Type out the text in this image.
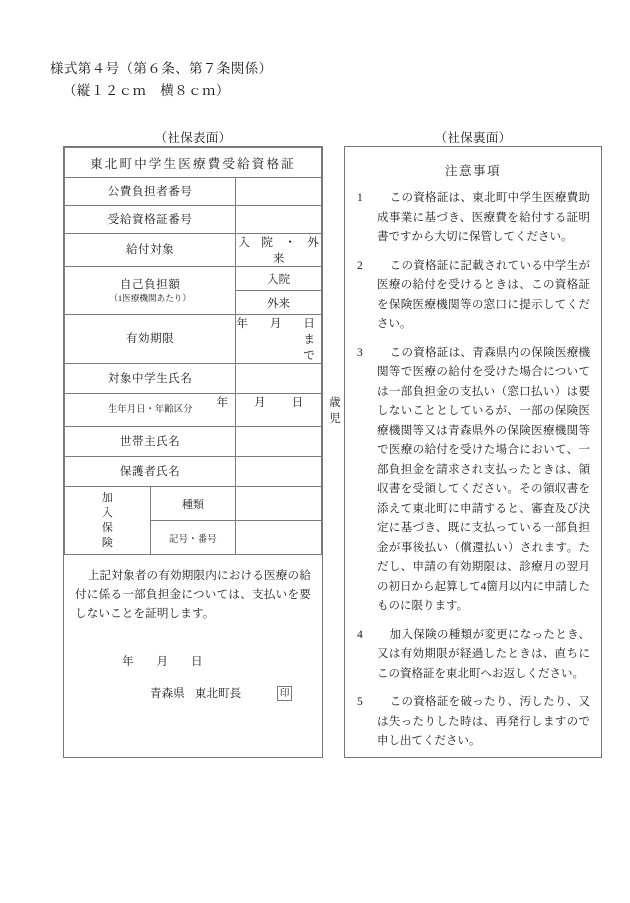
様式第４号（第６条、第７条関係）
（縦１２ｃｍ　横８ｃｍ）
（社保表面）	（社保裏面）
東北町中学生医療費受給資格証		
公費負担者番号		
受給資格証番号		
給付対象		入　院　・　外　来
自己負担額
（1医療機関あたり）		入院
		外来
有効期限		年 月 日まで

対象中学生氏名		

生年月日・年齢区分		年 月 日 歳児

世帯主氏名		
保護者氏名		

加
入
保
険	種類	
	記号・番号	
上記対象者の有効期限内における医療の給付に係る一部負担金については、支払いを要しないことを証明します。
年 月 日
青森県 東北町長	印
注意事項
1	この資格証は、東北町中学生医療費助成事業に基づき、医療費を給付する証明書ですから大切に保管してください。
2	この資格証に記載されている中学生が医療の給付を受けるときは、この資格証を保険医療機関等の窓口に提示してください。
3	この資格証は、青森県内の保険医療機関等で医療の給付を受けた場合については一部負担金の支払い（窓口払い）は要しないこととしているが、一部の保険医療機関等又は青森県外の保険医療機関等で医療の給付を受けた場合において、一部負担金を請求され支払ったときは、領収書を受領してください。その領収書を添えて東北町に申請すると、審査及び決定に基づき、既に支払っている一部負担金が事後払い（償還払い）されます。ただし、申請の有効期限は、診療月の翌月の初日から起算して4箇月以内に申請したものに限ります。
4	加入保険の種類が変更になったとき、又は有効期限が経過したときは、直ちにこの資格証を東北町へお返しください。
5	この資格証を破ったり、汚したり、又は失ったりした時は、再発行しますので申し出てください。
